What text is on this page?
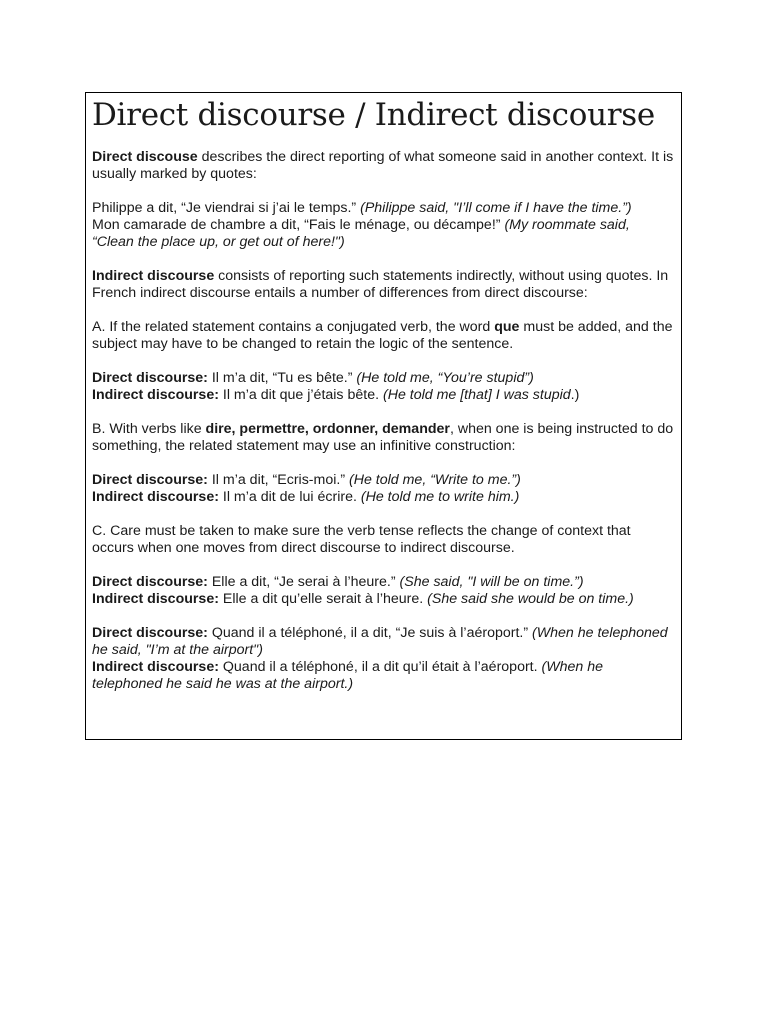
Direct discourse / Indirect discourse

Direct discouse describes the direct reporting of what someone said in another context. It is usually marked by quotes:

Philippe a dit, “Je viendrai si j’ai le temps.” (Philippe said, "I’ll come if I have the time.”)

Mon camarade de chambre a dit, “Fais le ménage, ou décampe!” (My roommate said, “Clean the place up, or get out of here!")

Indirect discourse consists of reporting such statements indirectly, without using quotes. In French indirect discourse entails a number of differences from direct discourse:

A. If the related statement contains a conjugated verb, the word que must be added, and the subject may have to be changed to retain the logic of the sentence.

Direct discourse: Il m’a dit, “Tu es bête.” (He told me, “You’re stupid”)

Indirect discourse: Il m’a dit que j’étais bête. (He told me [that] I was stupid.)

B. With verbs like dire, permettre, ordonner, demander, when one is being instructed to do something, the related statement may use an infinitive construction:

Direct discourse: Il m’a dit, “Ecris-moi.” (He told me, “Write to me.”)

Indirect discourse: Il m’a dit de lui écrire. (He told me to write him.)

C. Care must be taken to make sure the verb tense reflects the change of context that occurs when one moves from direct discourse to indirect discourse.

Direct discourse: Elle a dit, “Je serai à l’heure.” (She said, "I will be on time.”)

Indirect discourse: Elle a dit qu’elle serait à l’heure. (She said she would be on time.)

Direct discourse: Quand il a téléphoné, il a dit, “Je suis à l’aéroport.” (When he telephoned he said, "I’m at the airport")

Indirect discourse: Quand il a téléphoné, il a dit qu’il était à l’aéroport. (When he telephoned he said he was at the airport.)
